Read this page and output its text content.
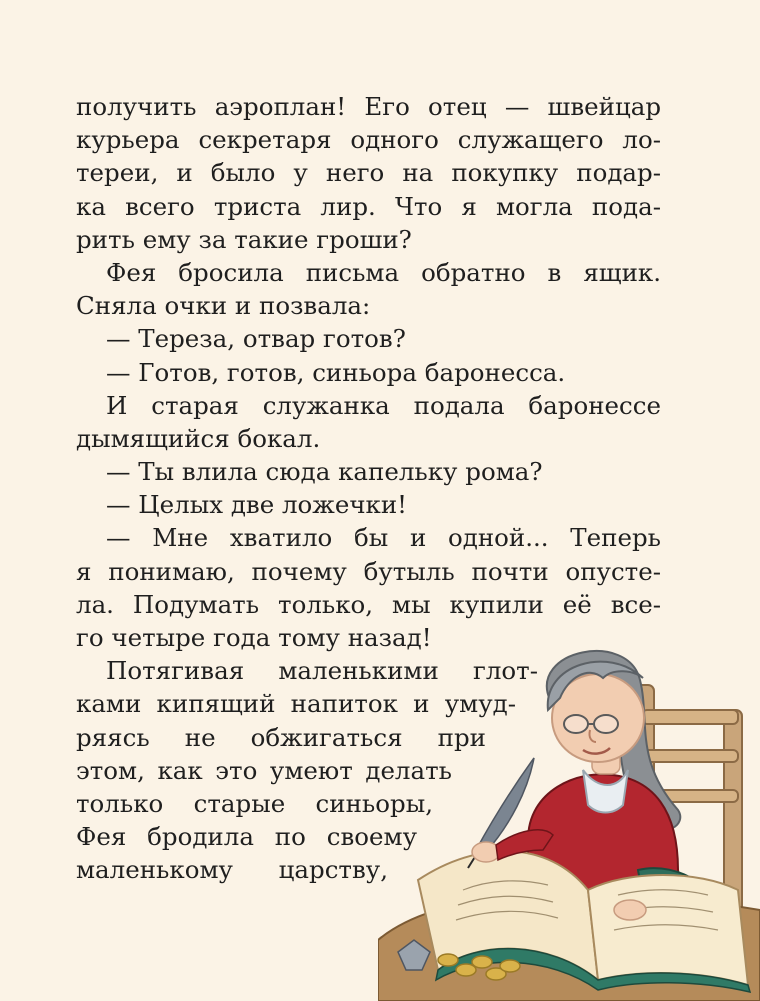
получить аэроплан! Его отец — швейцар
курьера секретаря одного служащего ло-
тереи, и было у него на покупку подар-
ка всего триста лир. Что я могла пода-
рить ему за такие гроши?
Фея бросила письма обратно в ящик.
Сняла очки и позвала:
— Тереза, отвар готов?
— Готов, готов, синьора баронесса.
И старая служанка подала баронессе
дымящийся бокал.
— Ты влила сюда капельку рома?
— Целых две ложечки!
— Мне хватило бы и одной... Теперь
я понимаю, почему бутыль почти опусте-
ла. Подумать только, мы купили её все-
го четыре года тому назад!
Потягивая маленькими глот-
ками кипящий напиток и умуд-
ряясь не обжигаться при
этом, как это умеют делать
только старые синьоры,
Фея бродила по своему
маленькому царству,
